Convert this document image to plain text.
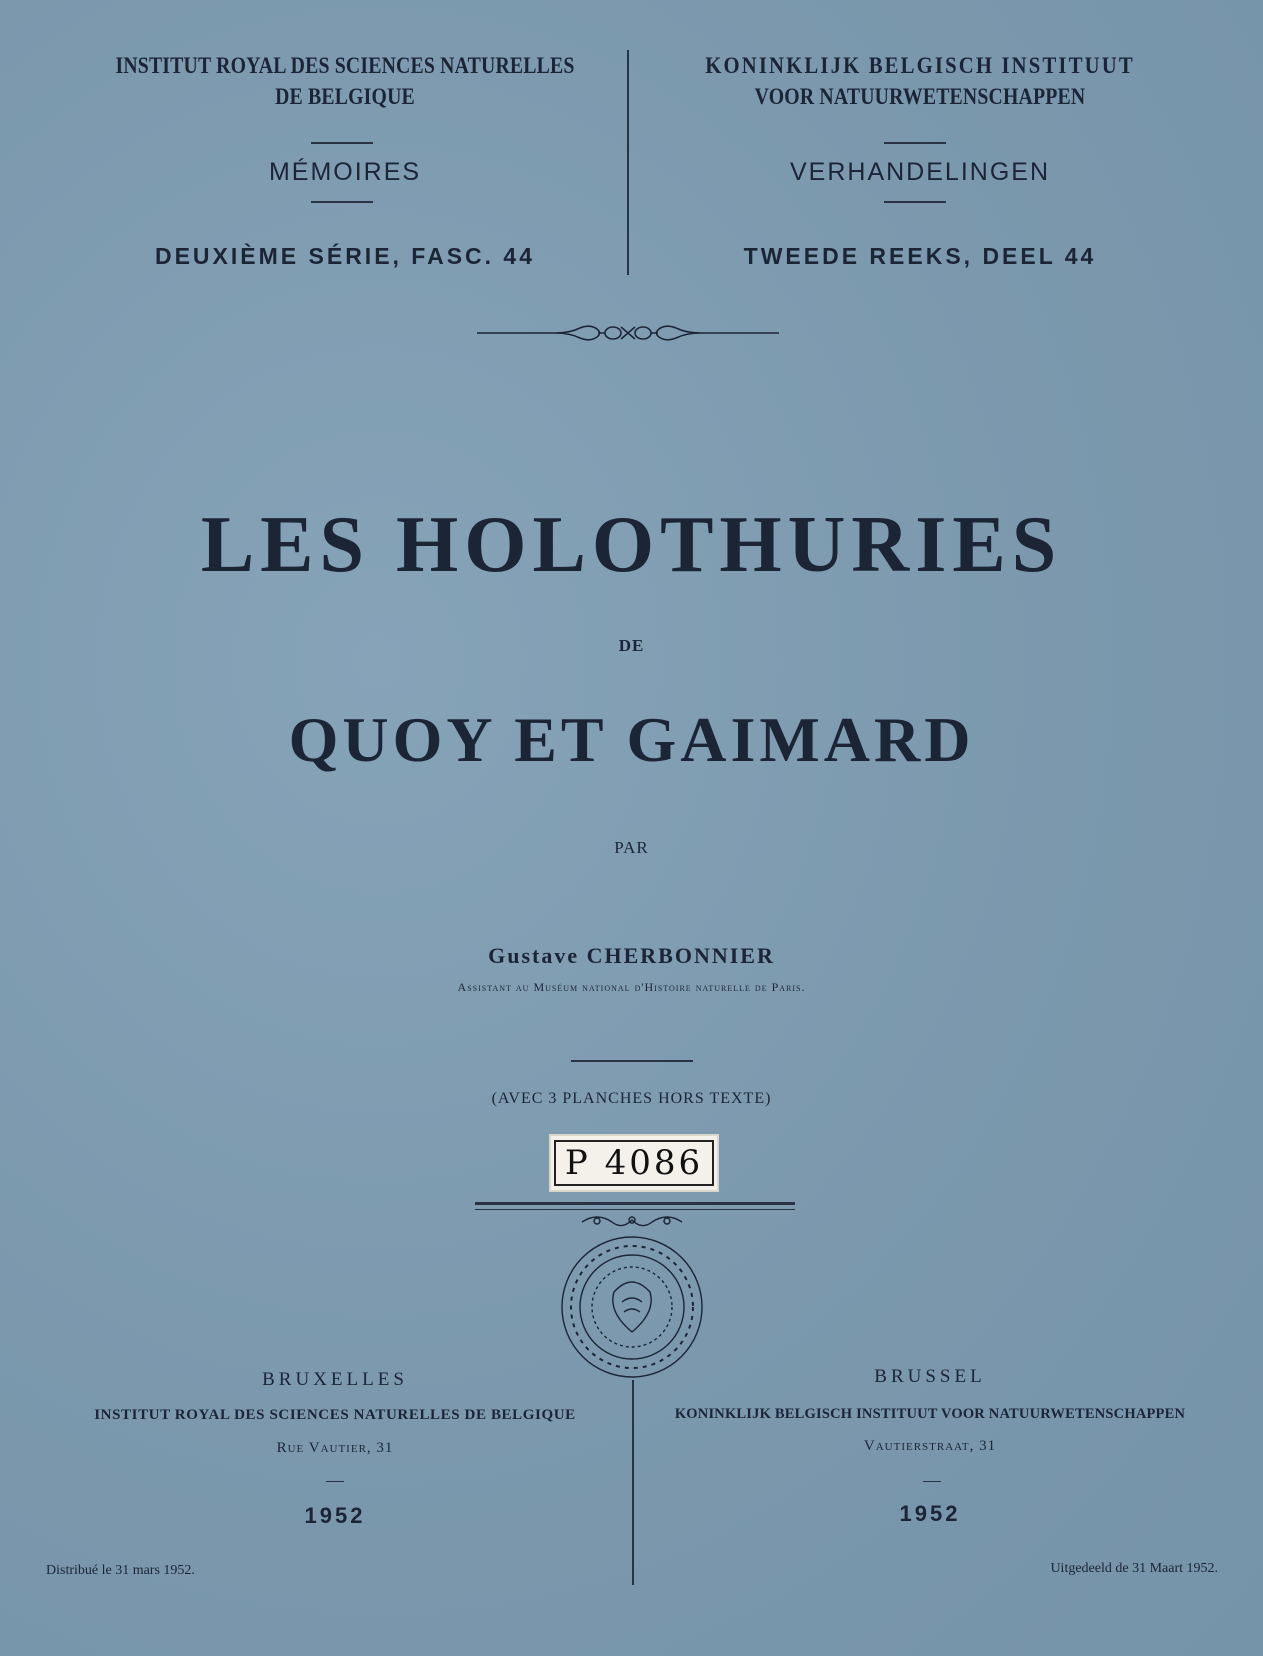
INSTITUT ROYAL DES SCIENCES NATURELLES
DE BELGIQUE
MÉMOIRES
DEUXIÈME SÉRIE, FASC. 44
KONINKLIJK BELGISCH INSTITUUT
VOOR NATUURWETENSCHAPPEN
VERHANDELINGEN
TWEEDE REEKS, DEEL 44
LES HOLOTHURIES
DE
QUOY ET GAIMARD
PAR
Gustave CHERBONNIER
Assistant au Muséum national d'Histoire naturelle de Paris.
(AVEC 3 PLANCHES HORS TEXTE)
P 4086
BRUXELLES
INSTITUT ROYAL DES SCIENCES NATURELLES DE BELGIQUE
Rue Vautier, 31
1952
Distribué le 31 mars 1952.
BRUSSEL
KONINKLIJK BELGISCH INSTITUUT VOOR NATUURWETENSCHAPPEN
Vautierstraat, 31
1952
Uitgedeeld de 31 Maart 1952.
